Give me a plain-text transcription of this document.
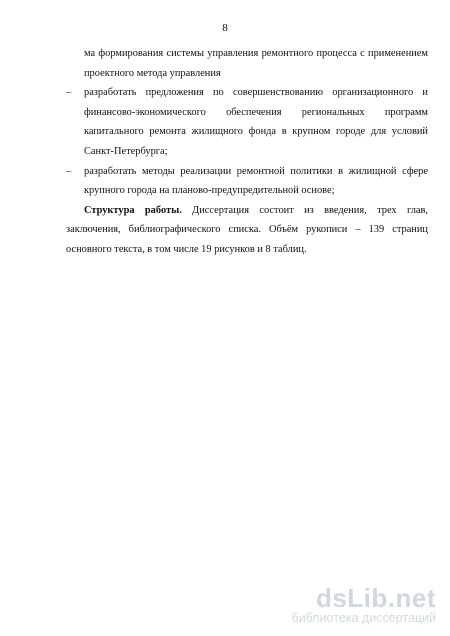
8

ма формирования системы управления ремонтного процесса с применением проектного метода управления

– разработать предложения по совершенствованию организационного и финансово-экономического обеспечения региональных программ капитального ремонта жилищного фонда в крупном городе для условий Санкт-Петербурга;
– разработать методы реализации ремонтной политики в жилищной сфере крупного города на планово-предупредительной основе;

Структура работы. Диссертация состоит из введения, трех глав, заключения, библиографического списка. Объём рукописи – 139 страниц основного текста, в том числе 19 рисунков и 8 таблиц.

dsLib.net
библиотека диссертаций
